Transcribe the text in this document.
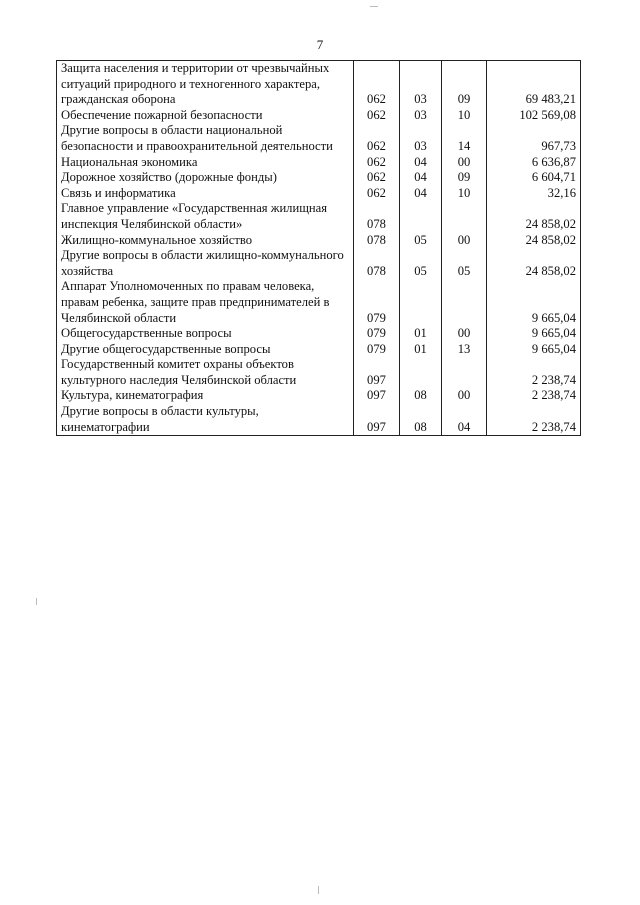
7
Защита населения и территории от чрезвычайных ситуаций природного и техногенного характера, гражданская оборона	062	03	09	69 483,21
Обеспечение пожарной безопасности	062	03	10	102 569,08
Другие вопросы в области национальной безопасности и правоохранительной деятельности	062	03	14	967,73
Национальная экономика	062	04	00	6 636,87
Дорожное хозяйство (дорожные фонды)	062	04	09	6 604,71
Связь и информатика	062	04	10	32,16
Главное управление «Государственная жилищная инспекция Челябинской области»	078			24 858,02
Жилищно-коммунальное хозяйство	078	05	00	24 858,02
Другие вопросы в области жилищно-коммунального хозяйства	078	05	05	24 858,02
Аппарат Уполномоченных по правам человека, правам ребенка, защите прав предпринимателей в Челябинской области	079			9 665,04
Общегосударственные вопросы	079	01	00	9 665,04
Другие общегосударственные вопросы	079	01	13	9 665,04
Государственный комитет охраны объектов культурного наследия Челябинской области	097			2 238,74
Культура, кинематография	097	08	00	2 238,74
Другие вопросы в области культуры, кинематографии	097	08	04	2 238,74
